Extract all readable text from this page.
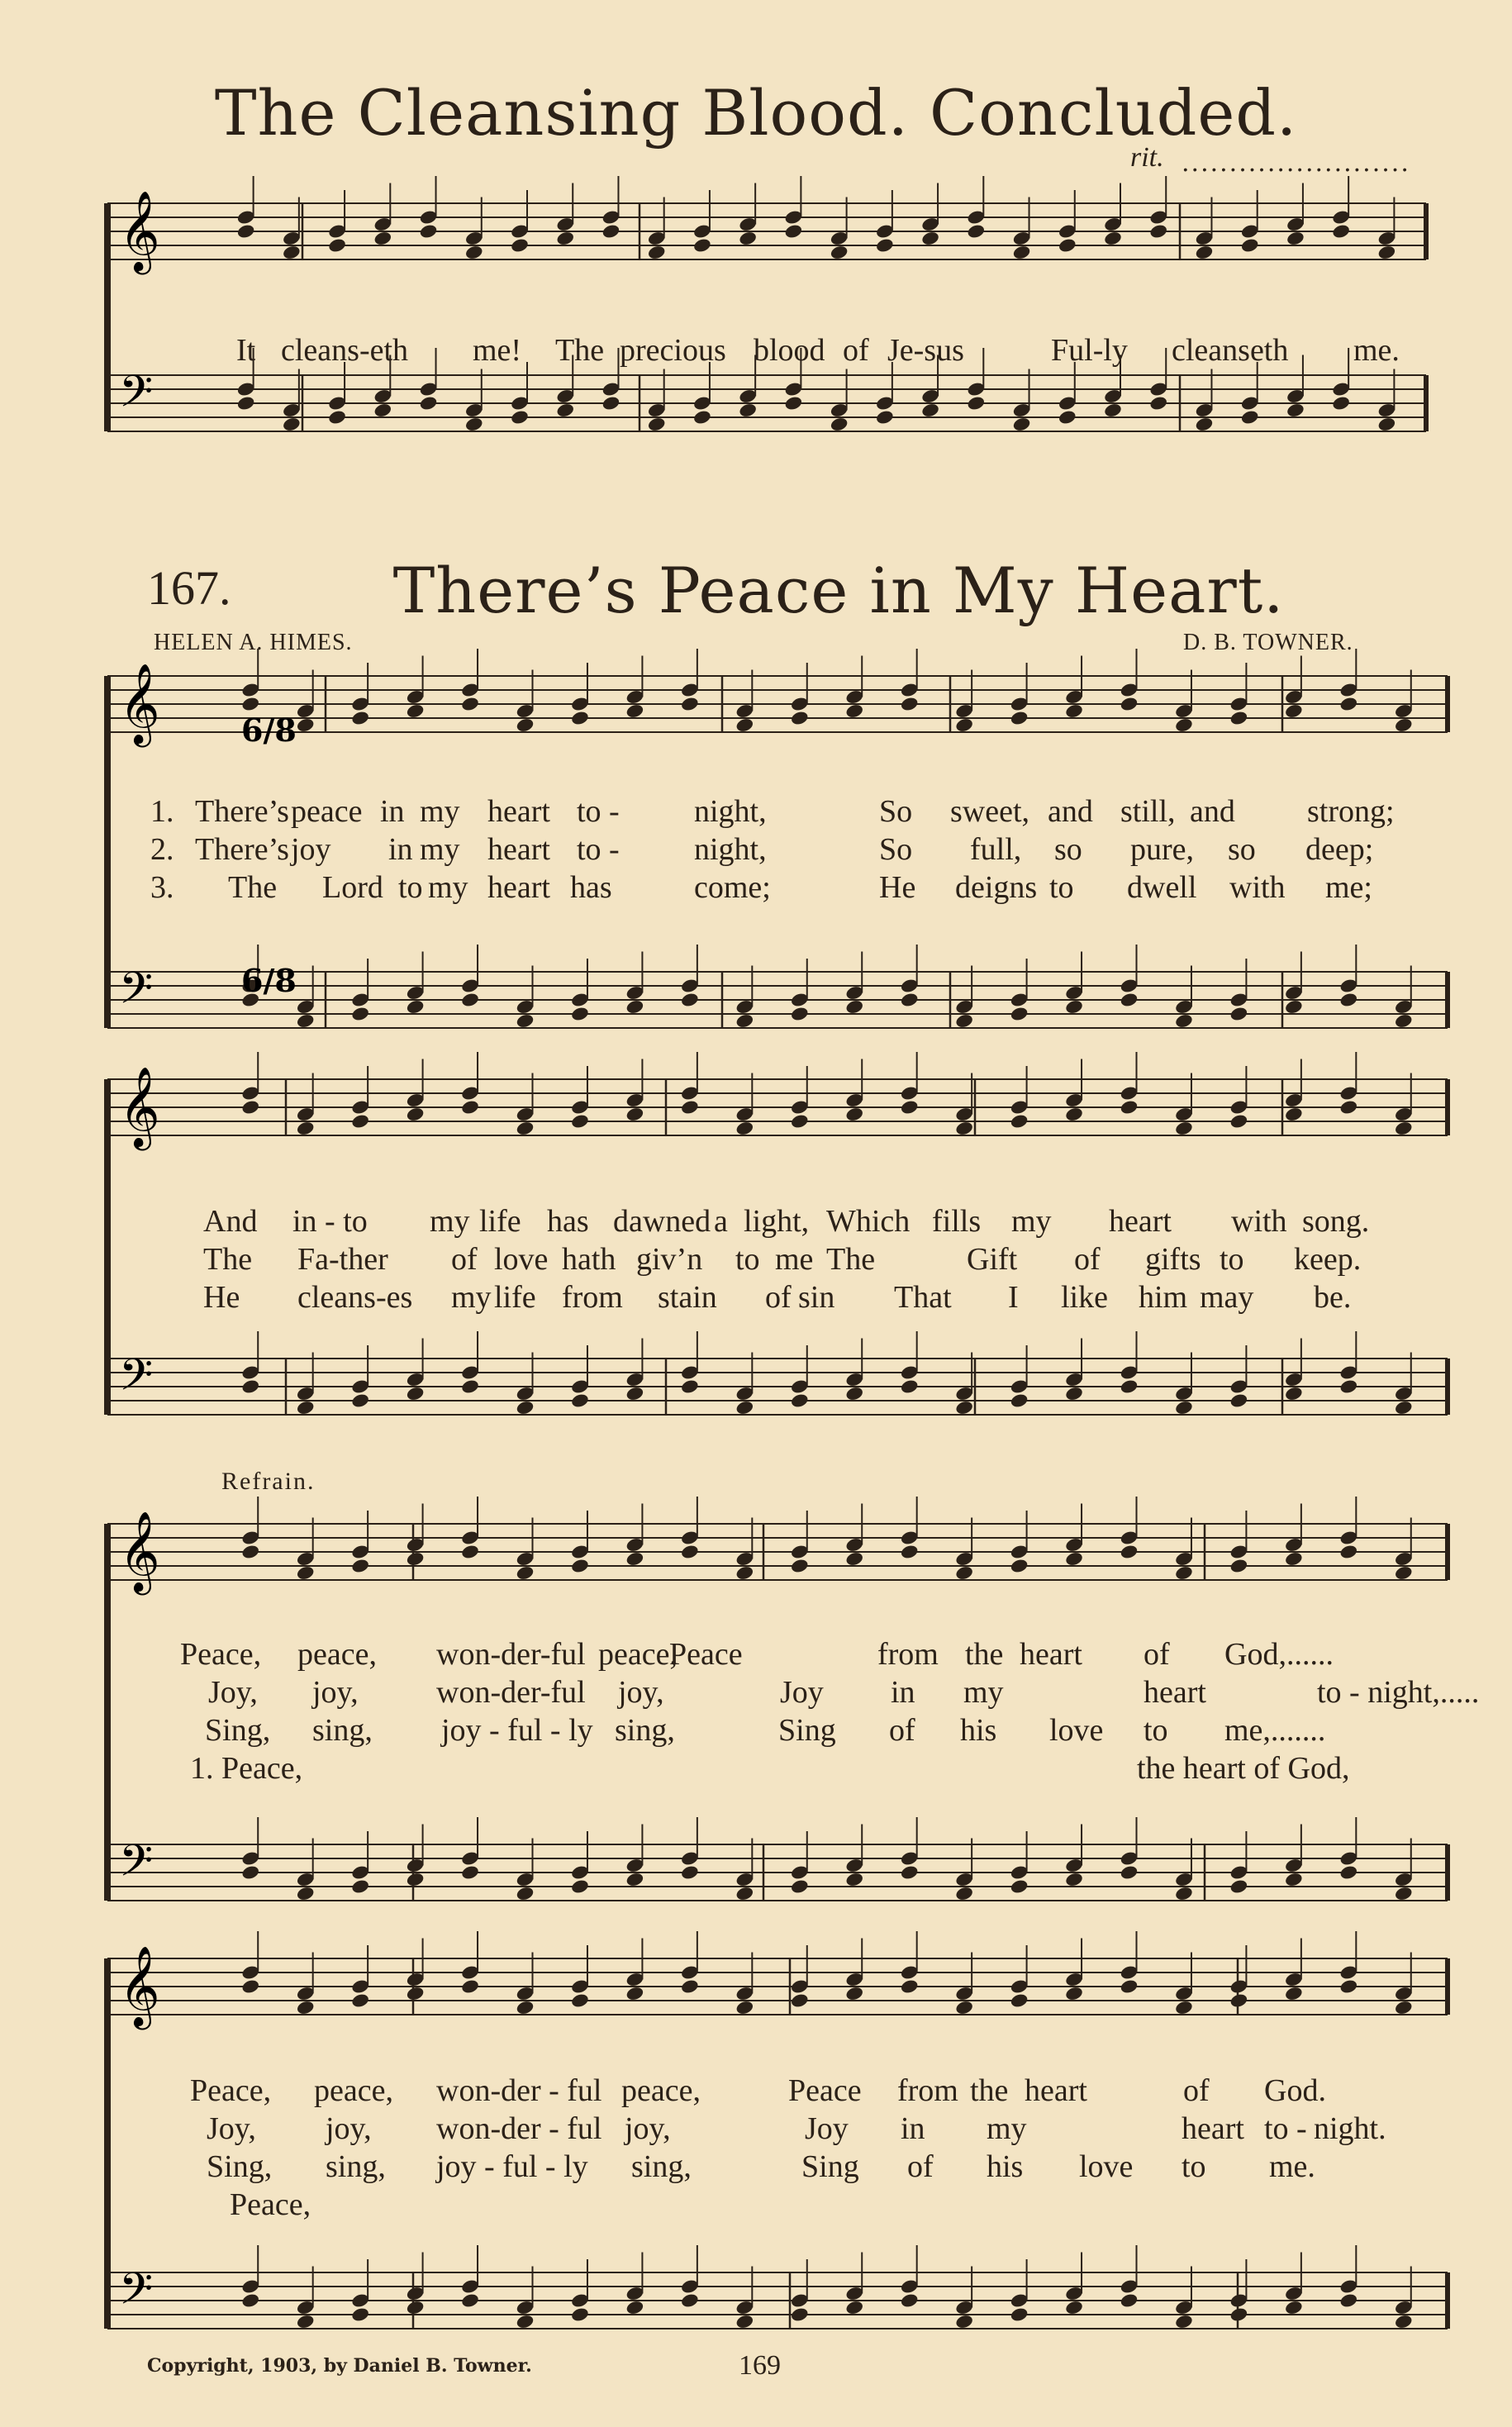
The Cleansing Blood. Concluded.
rit. ........................
167.	There’s Peace in My Heart.
HELEN A. HIMES.	D. B. TOWNER.
Refrain.
It cleans-eth me! The precious blood of Je-sus	Ful-ly cleanseth me.
1. There’s peace in my heart to - night,	So sweet, and still, and strong;
2. There’s joy in my heart to - night,	So full, so pure, so deep;
3. The Lord to my heart has	come;	He deigns to dwell with me;
And in - to my life has dawned a light, Which fills my heart with song.
The Fa-ther of love hath giv’n to me The	Gift of gifts to keep.
He cleans-es my life from stain of sin That I like him may be.
Peace, peace, won-der-ful peace,
Peace	from the heart of God,......
Joy, joy, won-der-ful joy,	Joy in my	heart	to - night,.....
Sing, sing, joy - ful - ly sing,	Sing of his love to me,.......
1. Peace,	the heart of God,
Peace, peace, won-der - ful peace,	Peace from the heart	of God.
Joy, joy, won-der - ful joy,	Joy in my	heart to - night.
Sing, sing, joy - ful - ly sing,	Sing of his love to me.
Peace,
Copyright, 1903, by Daniel B. Towner.	169
𝄞
𝄢
𝄞
𝄢
𝄞
𝄢
𝄞
𝄢
𝄞
𝄢
6/8
6/8
